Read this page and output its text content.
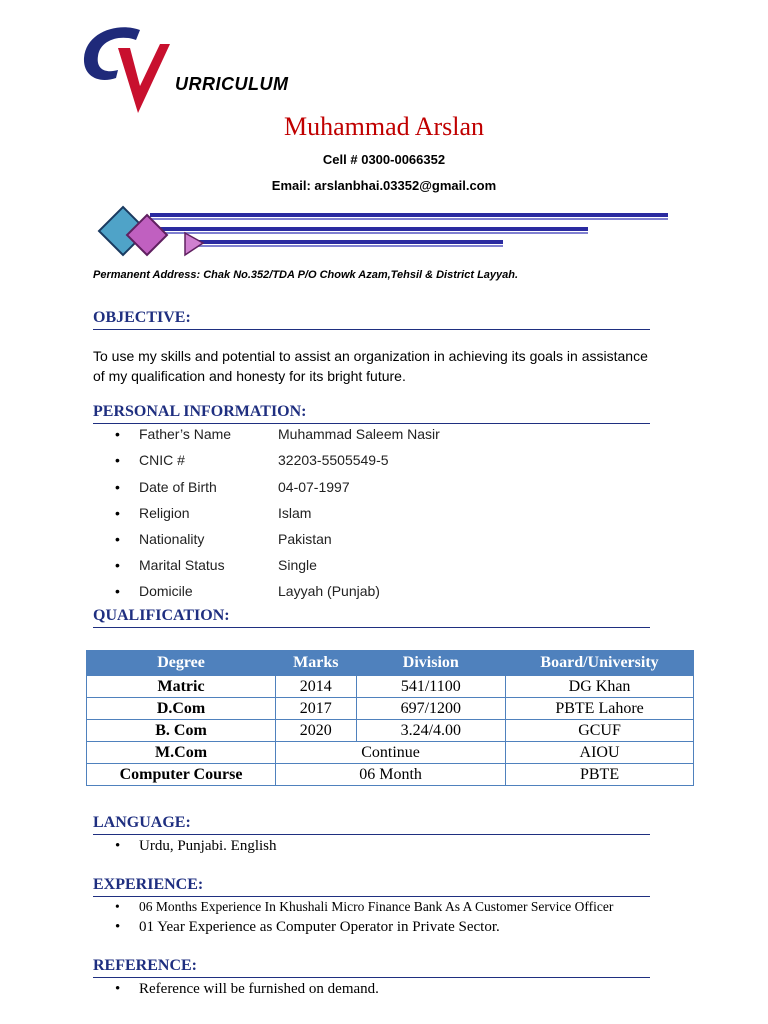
URRICULUM
Muhammad Arslan
Cell # 0300-0066352
Email: arslanbhai.03352@gmail.com
Permanent Address: Chak No.352/TDA P/O Chowk Azam,Tehsil & District Layyah.
OBJECTIVE:
To use my skills and potential to assist an organization in achieving its goals in assistance of my qualification and honesty for its bright future.
PERSONAL INFORMATION:
• Father’s Name	Muhammad Saleem Nasir
• CNIC #	32203-5505549-5
• Date of Birth	04-07-1997
• Religion	Islam
• Nationality	Pakistan
• Marital Status	Single
• Domicile	Layyah (Punjab)
QUALIFICATION:
Degree	Marks	Division	Board/University
Matric	2014	541/1100	DG Khan
D.Com	2017	697/1200	PBTE Lahore
B. Com	2020	3.24/4.00	GCUF
M.Com	Continue		AIOU
Computer Course	06 Month		PBTE
LANGUAGE:
• Urdu, Punjabi. English
EXPERIENCE:
• 06 Months Experience In Khushali Micro Finance Bank As A Customer Service Officer
• 01 Year Experience as Computer Operator in Private Sector.
REFERENCE:
• Reference will be furnished on demand.
